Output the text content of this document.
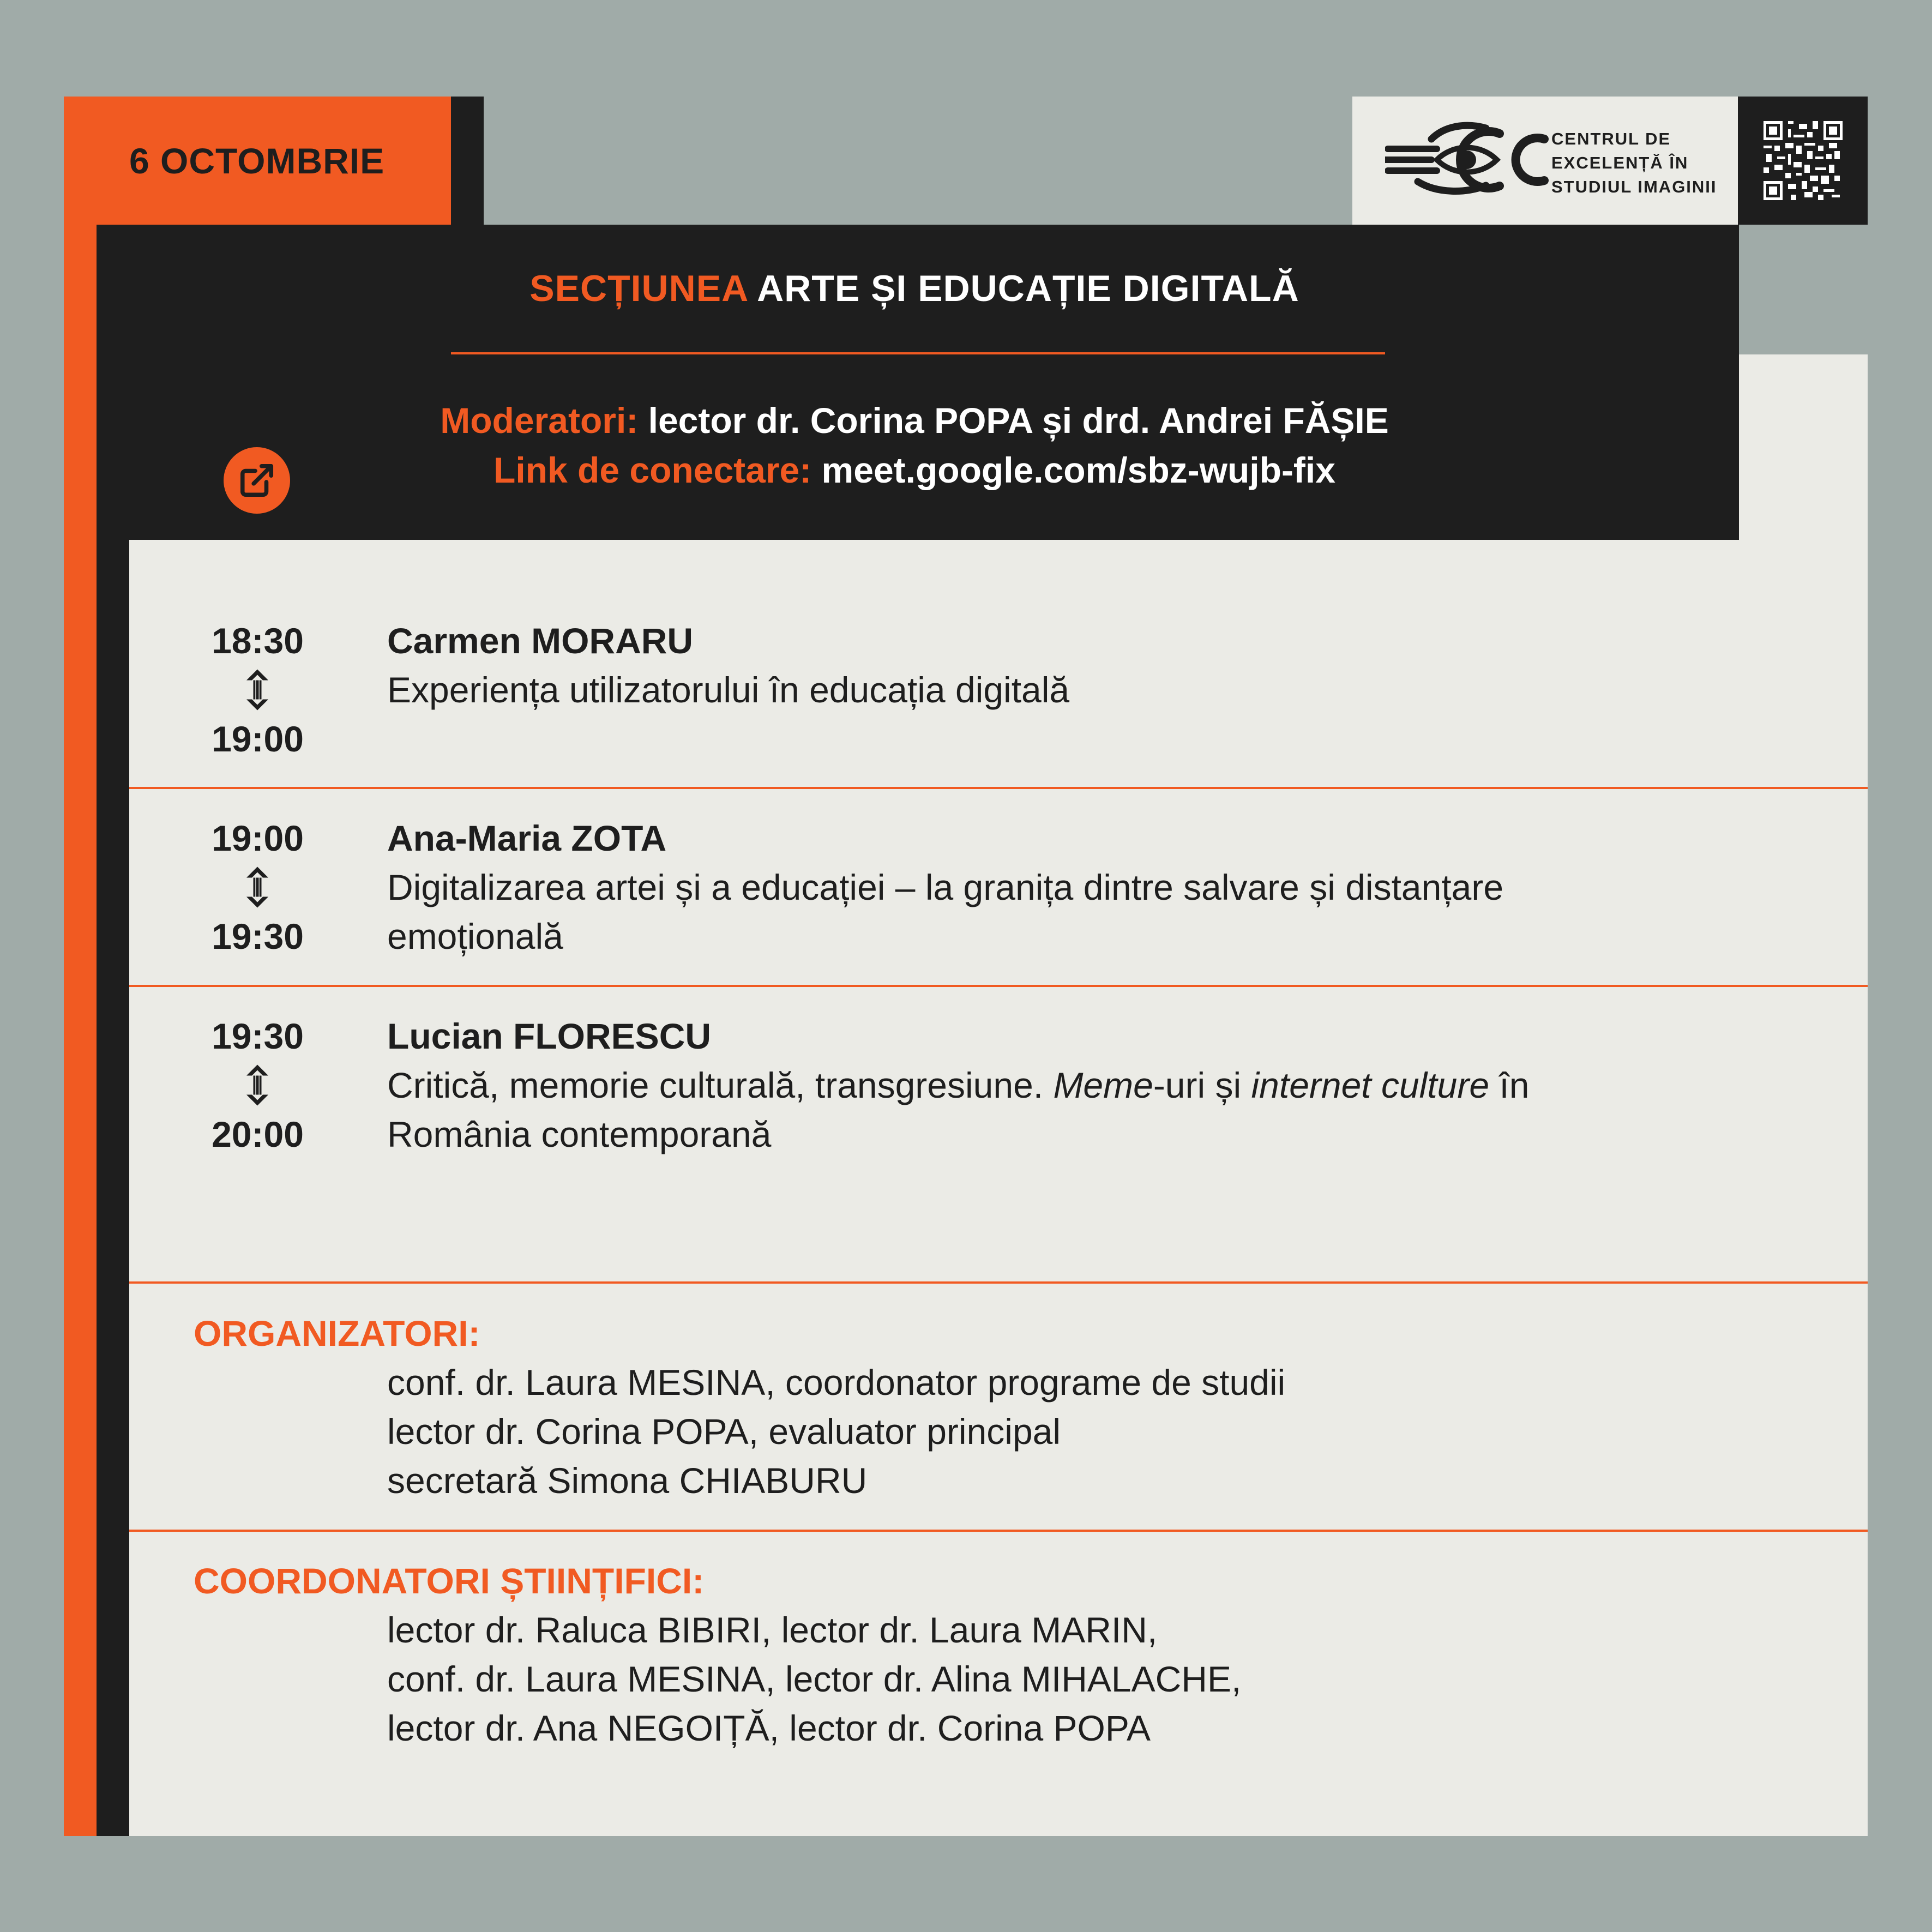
6 OCTOMBRIE
CENTRUL DE
EXCELENȚĂ ÎN
STUDIUL IMAGINII
SECȚIUNEA ARTE ȘI EDUCAȚIE DIGITALĂ
Moderatori: lector dr. Corina POPA și drd. Andrei FĂȘIE
Link de conectare: meet.google.com/sbz-wujb-fix
18:30
19:00
Carmen MORARU
Experiența utilizatorului în educația digitală
19:00
19:30
Ana-Maria ZOTA
Digitalizarea artei și a educației – la granița dintre salvare și distanțare
emoțională
19:30
20:00
Lucian FLORESCU
Critică, memorie culturală, transgresiune. Meme-uri și internet culture în
România contemporană
ORGANIZATORI:
conf. dr. Laura MESINA, coordonator programe de studii
lector dr. Corina POPA, evaluator principal
secretară Simona CHIABURU
COORDONATORI ȘTIINȚIFICI:
lector dr. Raluca BIBIRI, lector dr. Laura MARIN,
conf. dr. Laura MESINA, lector dr. Alina MIHALACHE,
lector dr. Ana NEGOIȚĂ, lector dr. Corina POPA
